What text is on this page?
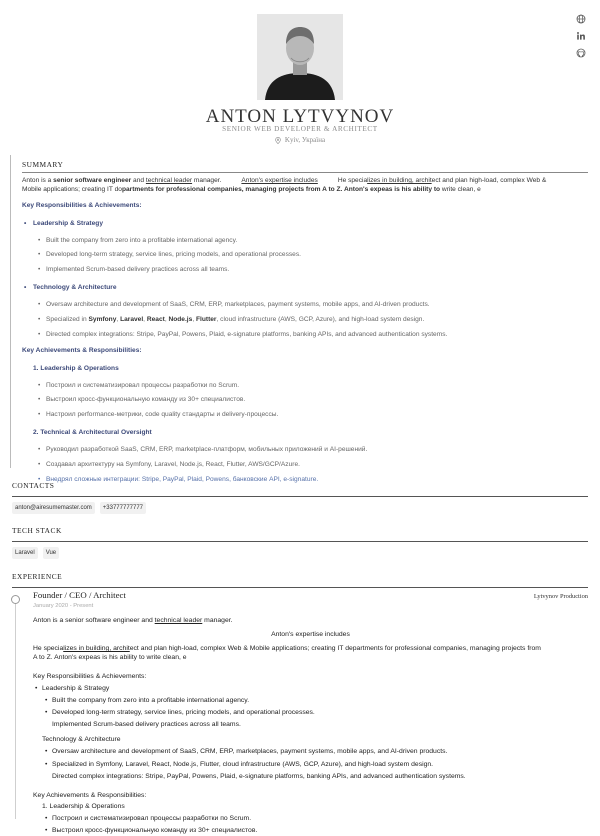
ANTON LYTVYNOV
SENIOR WEB DEVELOPER & ARCHITECT
Kyiv, Україна
SUMMARY
Anton is a senior software engineer and technical leader manager.	Anton's expertise includes	He specializes in building, architect and plan high-load, complex Web &
Mobile applications; creating IT dopartments for professional companies, managing projects from A to Z. Anton's expeas is his ability to write clean, e
Key Responsibilities & Achievements:
• Leadership & Strategy
• Built the company from zero into a profitable international agency.
• Developed long-term strategy, service lines, pricing models, and operational processes.
• Implemented Scrum-based delivery practices across all teams.
• Technology & Architecture
• Oversaw architecture and development of SaaS, CRM, ERP, marketplaces, payment systems, mobile apps, and AI-driven products.
• Specialized in Symfony, Laravel, React, Node.js, Flutter, cloud infrastructure (AWS, GCP, Azure), and high-load system design.
• Directed complex integrations: Stripe, PayPal, Powens, Plaid, e-signature platforms, banking APIs, and advanced authentication systems.
Key Achievements & Responsibilities:
1. Leadership & Operations
• Построил и систематизировал процессы разработки по Scrum.
• Выстроил кросс-функциональную команду из 30+ специалистов.
• Настроил performance-метрики, code quality стандарты и delivery-процессы.
2. Technical & Architectural Oversight
• Руководил разработкой SaaS, CRM, ERP, marketplace-платформ, мобильных приложений и AI-решений.
• Создавал архитектуру на Symfony, Laravel, Node.js, React, Flutter, AWS/GCP/Azure.
• Внедрял сложные интеграции: Stripe, PayPal, Plaid, Powens, банковские API, e-signature.
CONTACTS
anton@airesumemaster.com	+33777777777
TECH STACK
Laravel	Vue
EXPERIENCE
Founder / CEO / Architect	Lytvynov Production
January 2020 - Present

Anton is a senior software engineer and technical leader manager.

Anton's expertise includes

He specializes in building, architect and plan high-load, complex Web & Mobile applications; creating IT departments for professional companies, managing projects from

A to Z. Anton's expeas is his ability to write clean, e

Key Responsibilities & Achievements:

• Leadership & Strategy

• Built the company from zero into a profitable international agency.

• Developed long-term strategy, service lines, pricing models, and operational processes.

Implemented Scrum-based delivery practices across all teams.

Technology & Architecture

• Oversaw architecture and development of SaaS, CRM, ERP, marketplaces, payment systems, mobile apps, and AI-driven products.

• Specialized in Symfony, Laravel, React, Node.js, Flutter, cloud infrastructure (AWS, GCP, Azure), and high-load system design.

Directed complex integrations: Stripe, PayPal, Powens, Plaid, e-signature platforms, banking APIs, and advanced authentication systems.

Key Achievements & Responsibilities:

1. Leadership & Operations

• Построил и систематизировал процессы разработки по Scrum.

• Выстроил кросс-функциональную команду из 30+ специалистов.
